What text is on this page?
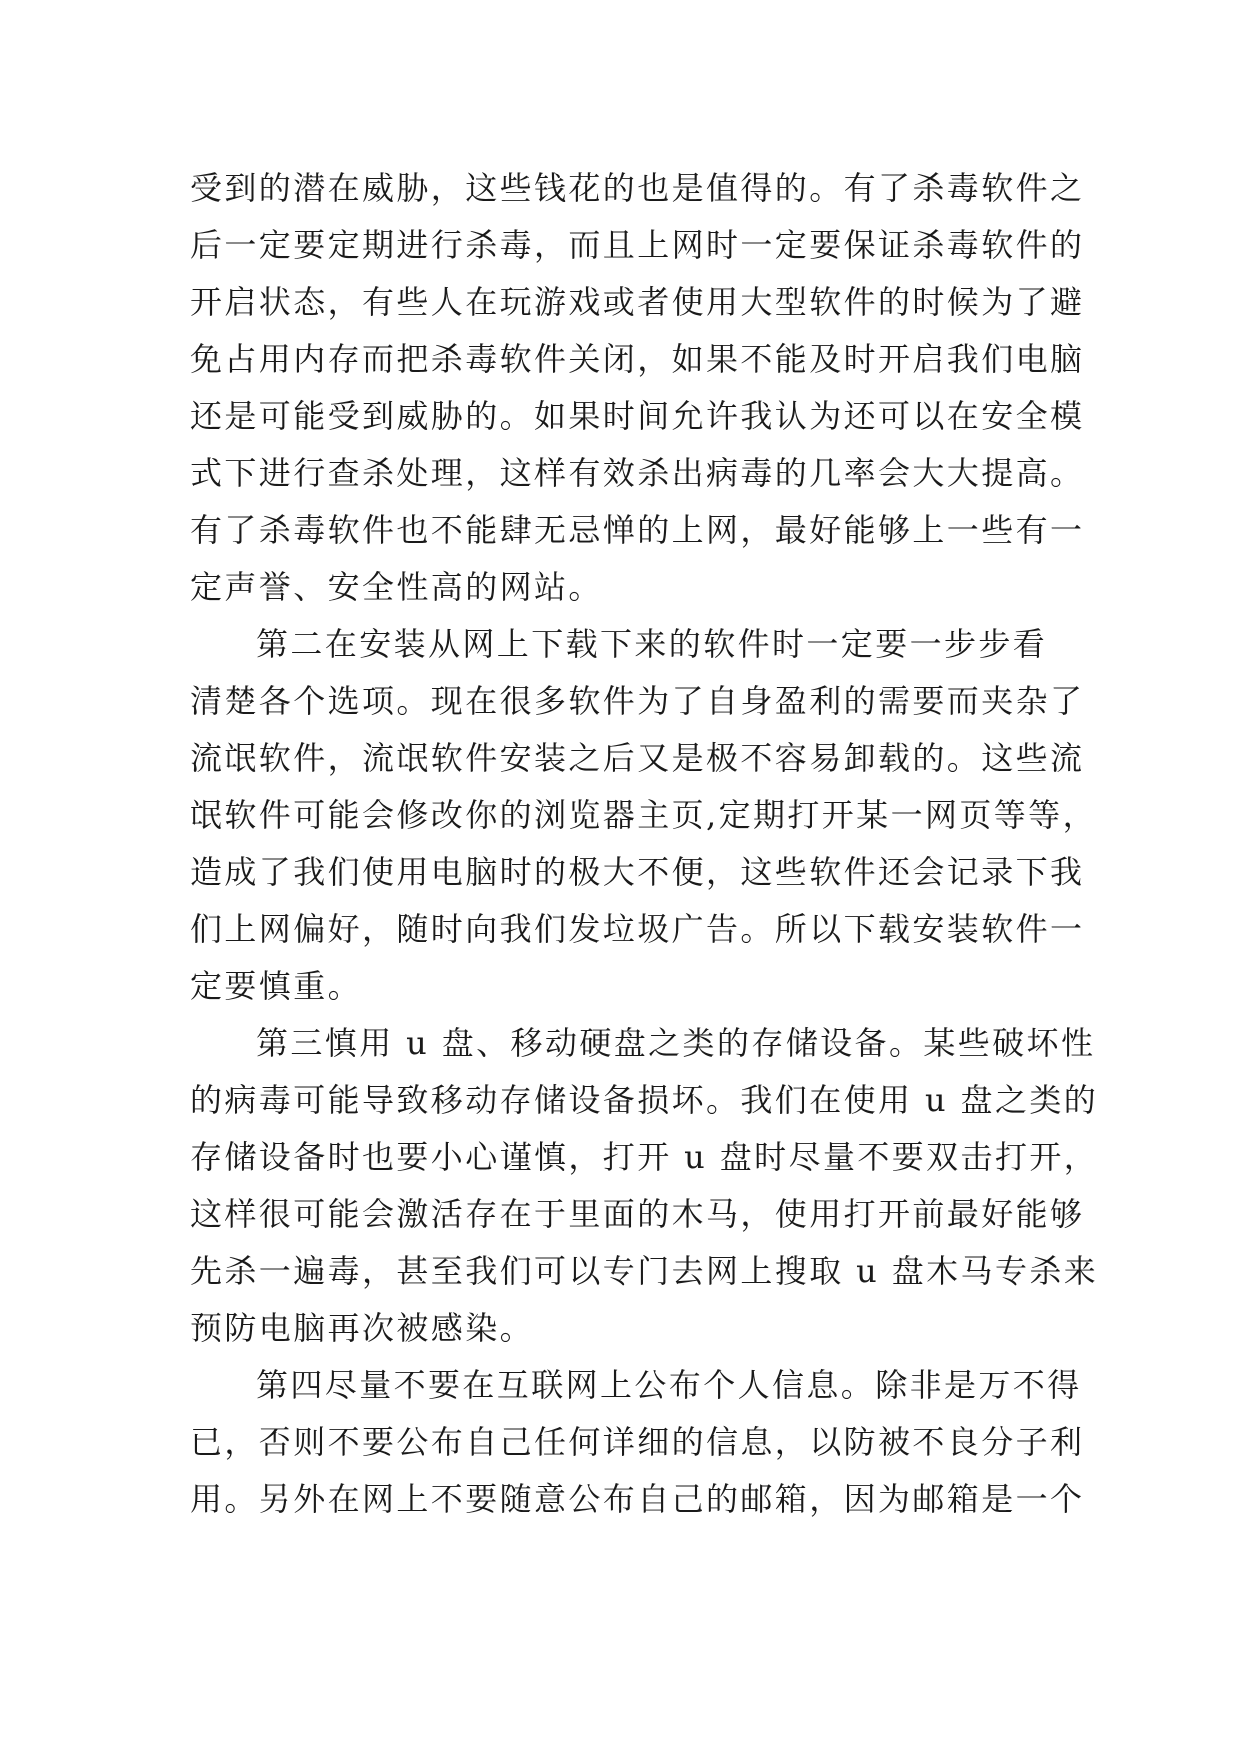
受到的潜在威胁，这些钱花的也是值得的。有了杀毒软件之
后一定要定期进行杀毒，而且上网时一定要保证杀毒软件的
开启状态，有些人在玩游戏或者使用大型软件的时候为了避
免占用内存而把杀毒软件关闭，如果不能及时开启我们电脑
还是可能受到威胁的。如果时间允许我认为还可以在安全模
式下进行查杀处理，这样有效杀出病毒的几率会大大提高。
有了杀毒软件也不能肆无忌惮的上网，最好能够上一些有一
定声誉、安全性高的网站。
第二在安装从网上下载下来的软件时一定要一步步看
清楚各个选项。现在很多软件为了自身盈利的需要而夹杂了
流氓软件，流氓软件安装之后又是极不容易卸载的。这些流
氓软件可能会修改你的浏览器主页,定期打开某一网页等等，
造成了我们使用电脑时的极大不便，这些软件还会记录下我
们上网偏好，随时向我们发垃圾广告。所以下载安装软件一
定要慎重。
第三慎用 u 盘、移动硬盘之类的存储设备。某些破坏性
的病毒可能导致移动存储设备损坏。我们在使用 u 盘之类的
存储设备时也要小心谨慎，打开 u 盘时尽量不要双击打开，
这样很可能会激活存在于里面的木马，使用打开前最好能够
先杀一遍毒，甚至我们可以专门去网上搜取 u 盘木马专杀来
预防电脑再次被感染。
第四尽量不要在互联网上公布个人信息。除非是万不得
已，否则不要公布自己任何详细的信息，以防被不良分子利
用。另外在网上不要随意公布自己的邮箱，因为邮箱是一个
